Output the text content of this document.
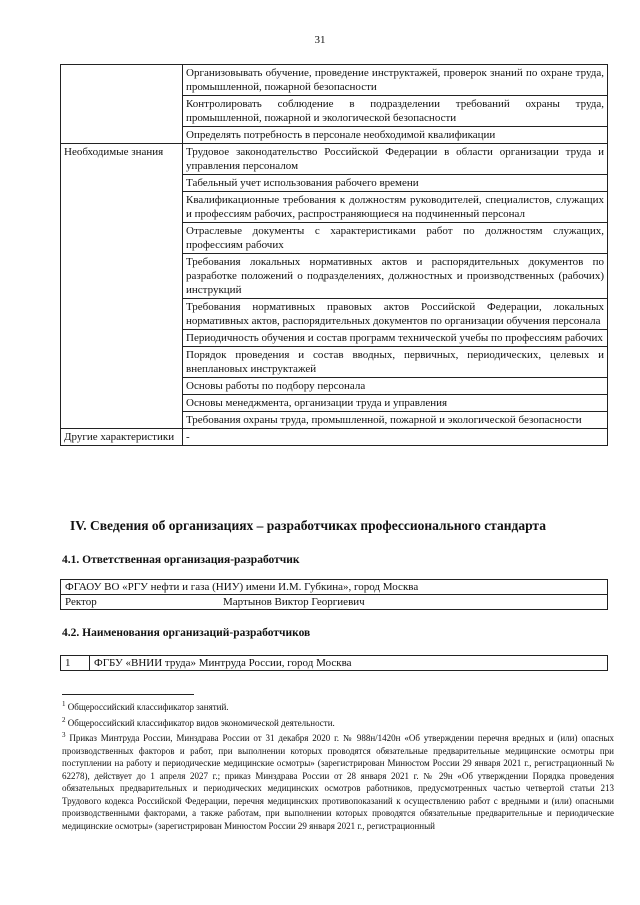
31
	Организовывать обучение, проведение инструктажей, проверок знаний по охране труда, промышленной, пожарной безопасности
	Контролировать соблюдение в подразделении требований охраны труда, промышленной, пожарной и экологической безопасности
	Определять потребность в персонале необходимой квалификации
Необходимые знания	Трудовое законодательство Российской Федерации в области организации труда и управления персоналом
	Табельный учет использования рабочего времени
	Квалификационные требования к должностям руководителей, специалистов, служащих и профессиям рабочих, распространяющиеся на подчиненный персонал
	Отраслевые документы с характеристиками работ по должностям служащих, профессиям рабочих
	Требования локальных нормативных актов и распорядительных документов по разработке положений о подразделениях, должностных и производственных (рабочих) инструкций
	Требования нормативных правовых актов Российской Федерации, локальных нормативных актов, распорядительных документов по организации обучения персонала
	Периодичность обучения и состав программ технической учебы по профессиям рабочих
	Порядок проведения и состав вводных, первичных, периодических, целевых и внеплановых инструктажей
	Основы работы по подбору персонала
	Основы менеджмента, организации труда и управления
	Требования охраны труда, промышленной, пожарной и экологической безопасности
Другие характеристики	-
IV. Сведения об организациях – разработчиках профессионального стандарта
4.1. Ответственная организация-разработчик
ФГАОУ ВО «РГУ нефти и газа (НИУ) имени И.М. Губкина», город Москва
Ректор	Мартынов Виктор Георгиевич
4.2. Наименования организаций-разработчиков
1	ФГБУ «ВНИИ труда» Минтруда России, город Москва

$^1$ Общероссийский классификатор занятий.

$^2$ Общероссийский классификатор видов экономической деятельности.

$^3$ Приказ Минтруда России, Минздрава России от 31 декабря 2020 г. № 988н/1420н «Об утверждении перечня вредных и (или) опасных производственных факторов и работ, при выполнении которых проводятся обязательные предварительные медицинские осмотры при поступлении на работу и периодические медицинские осмотры» (зарегистрирован Минюстом России 29 января 2021 г., регистрационный № 62278), действует до 1 апреля 2027 г.; приказ Минздрава России от 28 января 2021 г. № 29н «Об утверждении Порядка проведения обязательных предварительных и периодических медицинских осмотров работников, предусмотренных частью четвертой статьи 213 Трудового кодекса Российской Федерации, перечня медицинских противопоказаний к осуществлению работ с вредными и (или) опасными производственными факторами, а также работам, при выполнении которых проводятся обязательные предварительные и периодические медицинские осмотры» (зарегистрирован Минюстом России 29 января 2021 г., регистрационный
